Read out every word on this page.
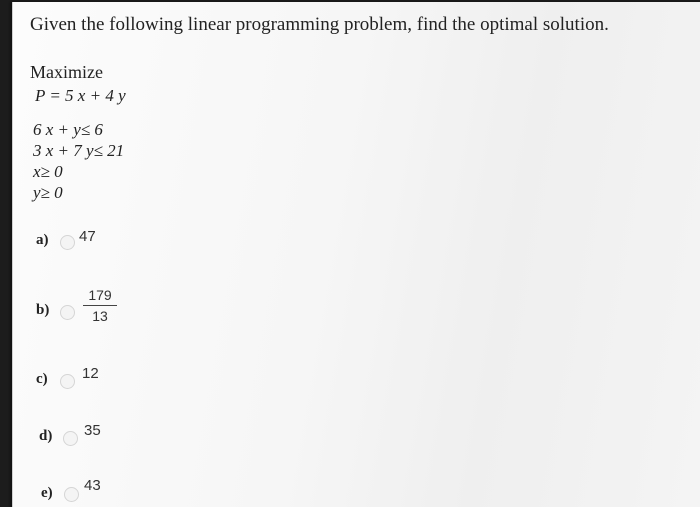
Given the following linear programming problem, find the optimal solution.
Maximize
P = 5 x + 4 y
6 x + y≤ 6
3 x + 7 y≤ 21
x≥ 0
y≥ 0
a) 47
b)
179
13
c) 12
d) 35
e) 43
